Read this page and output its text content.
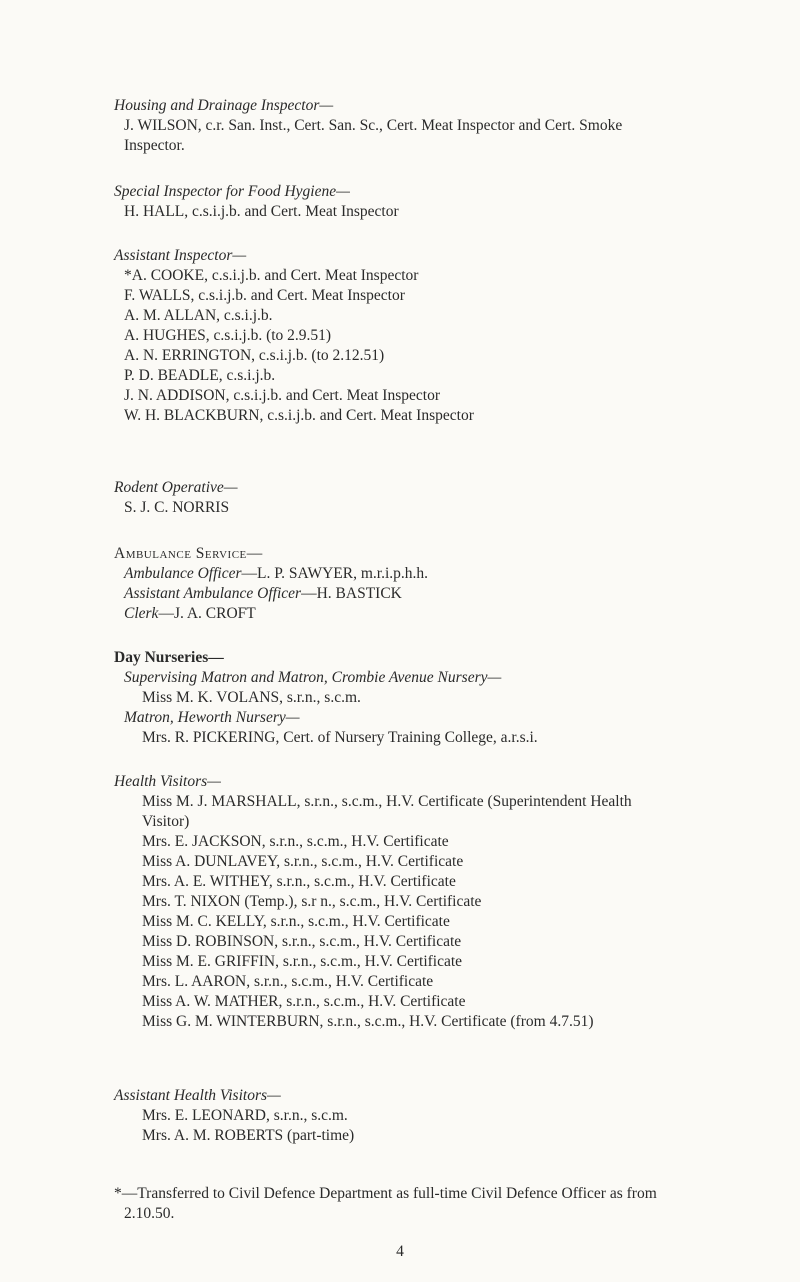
Housing and Drainage Inspector—
J. WILSON, c.r. San. Inst., Cert. San. Sc., Cert. Meat Inspector and Cert. Smoke
Inspector.
Special Inspector for Food Hygiene—
H. HALL, c.s.i.j.b. and Cert. Meat Inspector
Assistant Inspector—
*A. COOKE, c.s.i.j.b. and Cert. Meat Inspector
F. WALLS, c.s.i.j.b. and Cert. Meat Inspector
A. M. ALLAN, c.s.i.j.b.
A. HUGHES, c.s.i.j.b. (to 2.9.51)
A. N. ERRINGTON, c.s.i.j.b. (to 2.12.51)
P. D. BEADLE, c.s.i.j.b.
J. N. ADDISON, c.s.i.j.b. and Cert. Meat Inspector
W. H. BLACKBURN, c.s.i.j.b. and Cert. Meat Inspector
Rodent Operative—
S. J. C. NORRIS
Ambulance Service—
Ambulance Officer—L. P. SAWYER, m.r.i.p.h.h.
Assistant Ambulance Officer—H. BASTICK
Clerk—J. A. CROFT
Day Nurseries—
Supervising Matron and Matron, Crombie Avenue Nursery—
Miss M. K. VOLANS, s.r.n., s.c.m.
Matron, Heworth Nursery—
Mrs. R. PICKERING, Cert. of Nursery Training College, a.r.s.i.
Health Visitors—
Miss M. J. MARSHALL, s.r.n., s.c.m., H.V. Certificate (Superintendent Health
Visitor)
Mrs. E. JACKSON, s.r.n., s.c.m., H.V. Certificate
Miss A. DUNLAVEY, s.r.n., s.c.m., H.V. Certificate
Mrs. A. E. WITHEY, s.r.n., s.c.m., H.V. Certificate
Mrs. T. NIXON (Temp.), s.r n., s.c.m., H.V. Certificate
Miss M. C. KELLY, s.r.n., s.c.m., H.V. Certificate
Miss D. ROBINSON, s.r.n., s.c.m., H.V. Certificate
Miss M. E. GRIFFIN, s.r.n., s.c.m., H.V. Certificate
Mrs. L. AARON, s.r.n., s.c.m., H.V. Certificate
Miss A. W. MATHER, s.r.n., s.c.m., H.V. Certificate
Miss G. M. WINTERBURN, s.r.n., s.c.m., H.V. Certificate (from 4.7.51)
Assistant Health Visitors—
Mrs. E. LEONARD, s.r.n., s.c.m.
Mrs. A. M. ROBERTS (part-time)
*—Transferred to Civil Defence Department as full-time Civil Defence Officer as from
2.10.50.
4
